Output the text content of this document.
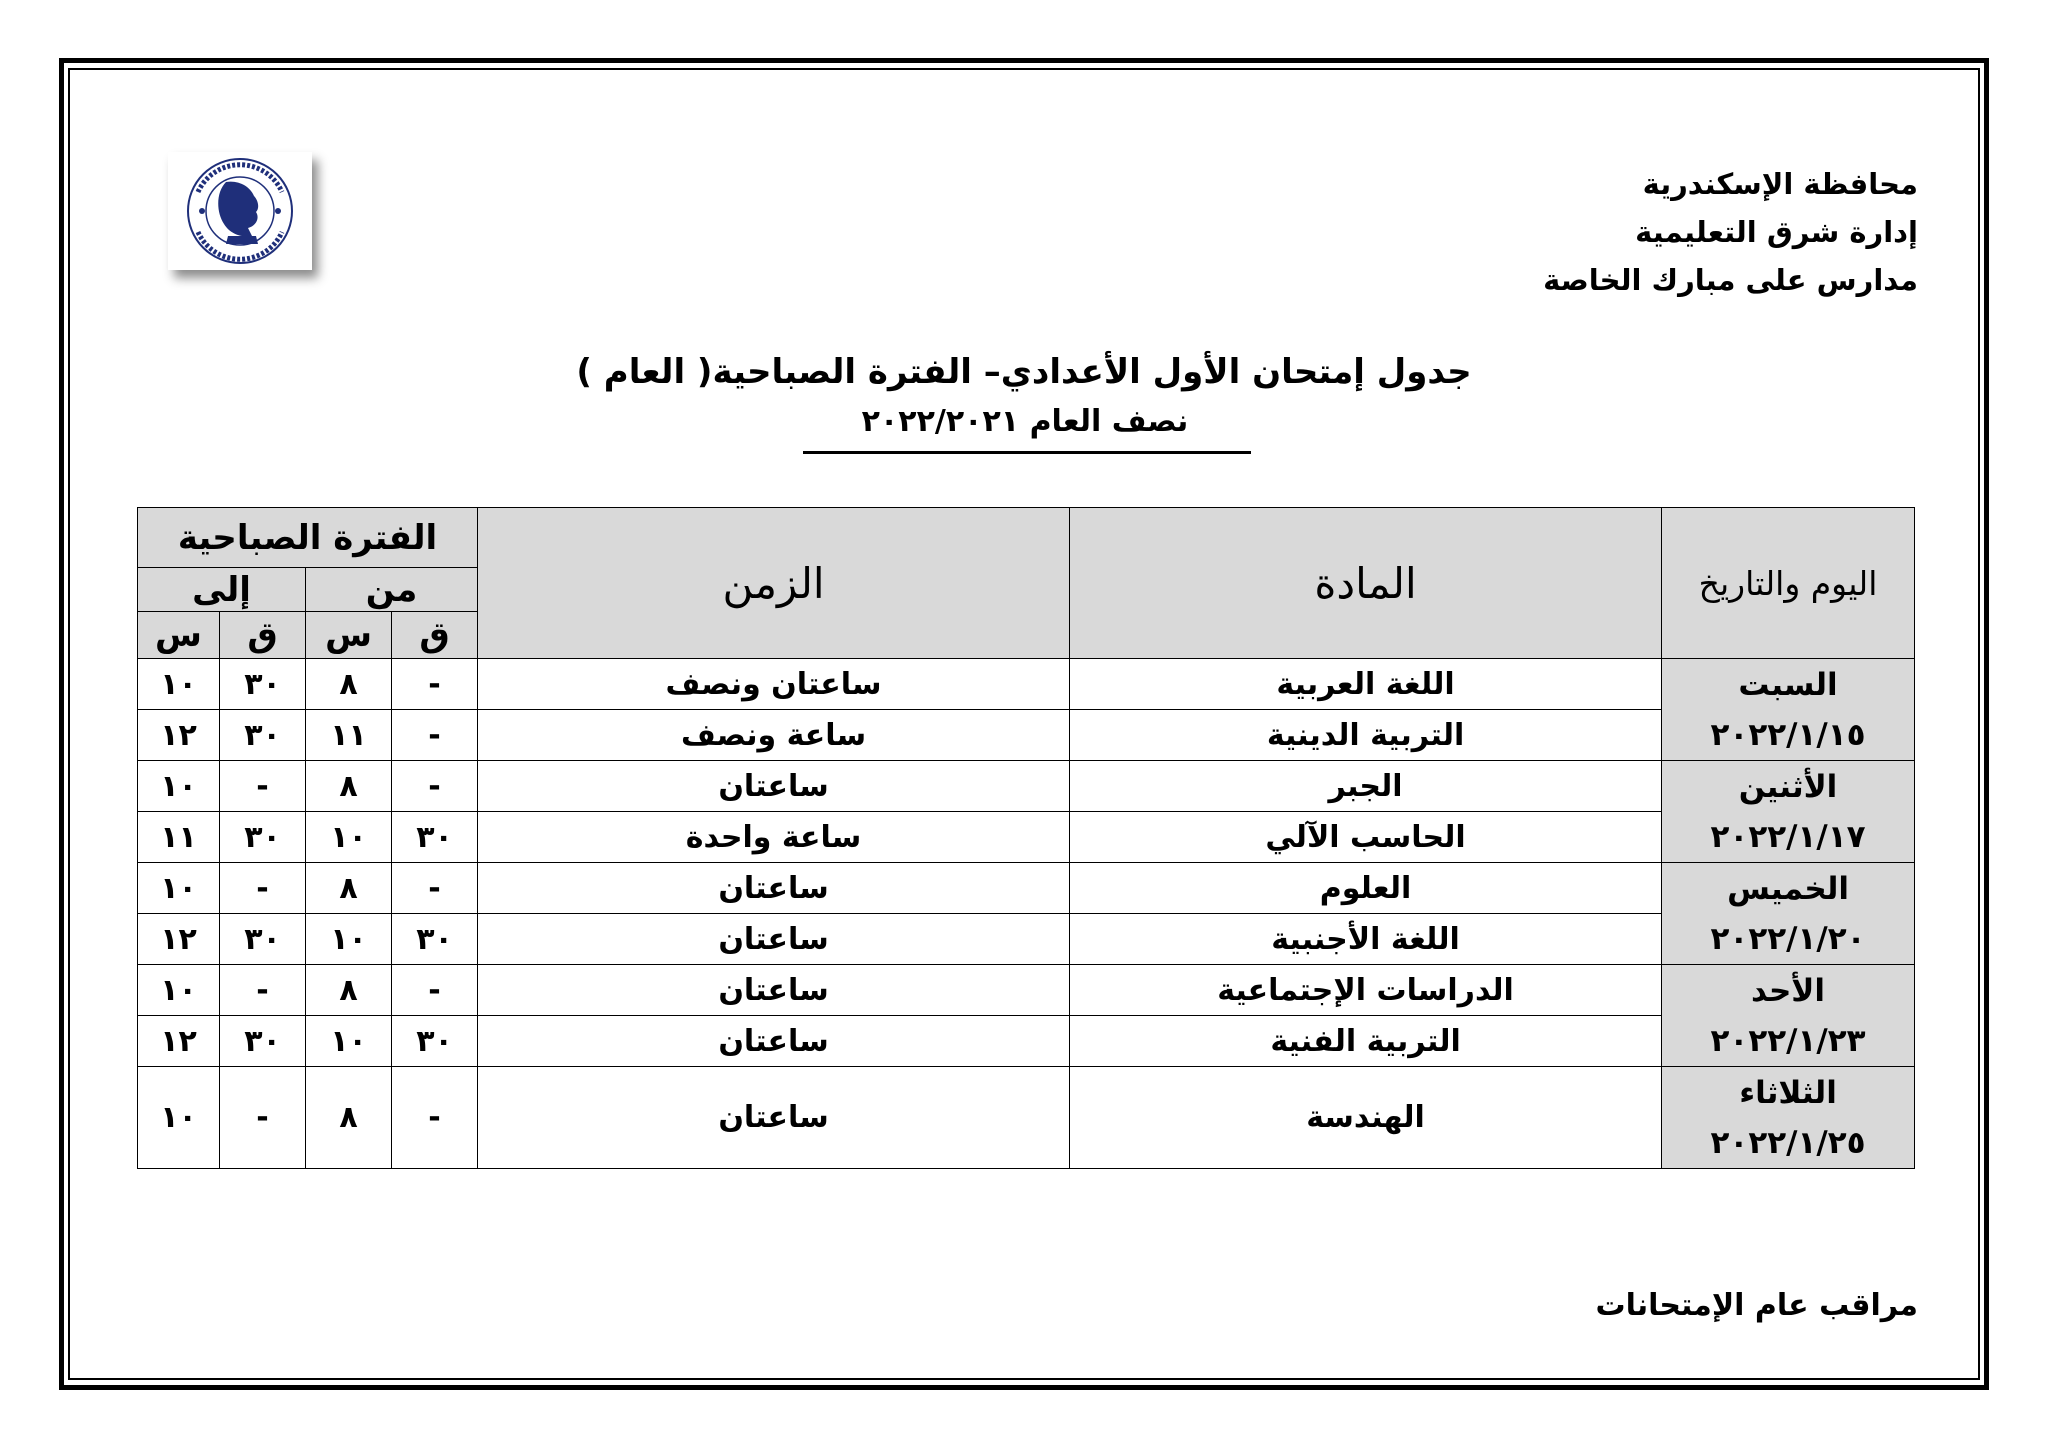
محافظة الإسكندرية
إدارة شرق التعليمية
مدارس على مبارك الخاصة
جدول إمتحان الأول الأعدادي– الفترة الصباحية( العام )
نصف العام ٢٠٢٢/٢٠٢١
اليوم والتاريخ	المادة	الزمن	الفترة الصباحية			
			من		إلى	
			ق	س	ق	س

السبت
٢٠٢٢/١/١٥	اللغة العربية	ساعتان ونصف	-	٨	٣٠	١٠
	التربية الدينية	ساعة ونصف	-	١١	٣٠	١٢

الأثنين
٢٠٢٢/١/١٧	الجبر	ساعتان	-	٨	-	١٠
	الحاسب الآلي	ساعة واحدة	٣٠	١٠	٣٠	١١

الخميس
٢٠٢٢/١/٢٠	العلوم	ساعتان	-	٨	-	١٠
	اللغة الأجنبية	ساعتان	٣٠	١٠	٣٠	١٢

الأحد
٢٠٢٢/١/٢٣	الدراسات الإجتماعية	ساعتان	-	٨	-	١٠
	التربية الفنية	ساعتان	٣٠	١٠	٣٠	١٢

الثلاثاء
٢٠٢٢/١/٢٥	الهندسة	ساعتان	-	٨	-	١٠
مراقب عام الإمتحانات
